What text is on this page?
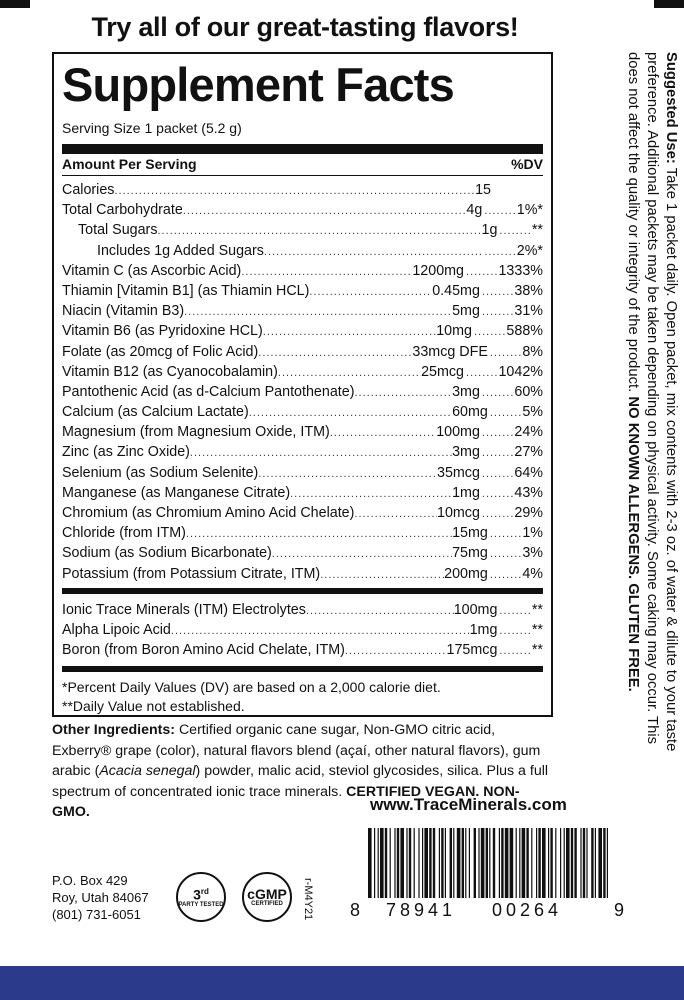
Try all of our great-tasting flavors!
Supplement Facts
Serving Size 1 packet (5.2 g)
Amount Per Serving	%DV
Calories .....	15
Total Carbohydrate .....	4g	........ 1%*
Total Sugars .....	1g	........ **
Includes 1g Added Sugars .....	........ 2%*
Vitamin C (as Ascorbic Acid) .....	1200mg	........ 1333%
Thiamin [Vitamin B1] (as Thiamin HCL) .....	0.45mg	........ 38%
Niacin (Vitamin B3) .....	5mg	........ 31%
Vitamin B6 (as Pyridoxine HCL) .....	10mg	........ 588%
Folate (as 20mcg of Folic Acid) .....	33mcg DFE	........ 8%
Vitamin B12 (as Cyanocobalamin) .....	25mcg	........ 1042%
Pantothenic Acid (as d-Calcium Pantothenate) .....	3mg	........ 60%
Calcium (as Calcium Lactate) .....	60mg	........ 5%
Magnesium (from Magnesium Oxide, ITM) .....	100mg	........ 24%
Zinc (as Zinc Oxide) .....	3mg	........ 27%
Selenium (as Sodium Selenite) .....	35mcg	........ 64%
Manganese (as Manganese Citrate) .....	1mg	........ 43%
Chromium (as Chromium Amino Acid Chelate) .....	10mcg	........ 29%
Chloride (from ITM) .....	15mg	........ 1%
Sodium (as Sodium Bicarbonate) .....	75mg	........ 3%
Potassium (from Potassium Citrate, ITM) .....	200mg	........ 4%
Ionic Trace Minerals (ITM) Electrolytes .....	100mg	........ **
Alpha Lipoic Acid .....	1mg	........ **
Boron (from Boron Amino Acid Chelate, ITM) .....	175mcg	........ **
*Percent Daily Values (DV) are based on a 2,000 calorie diet.
**Daily Value not established.

Other Ingredients: Certified organic cane sugar, Non-GMO citric acid, Exberry® grape (color), natural flavors blend (açaí, other natural flavors), gum arabic (Acacia senegal) powder, malic acid, steviol glycosides, silica. Plus a full spectrum of concentrated ionic trace minerals. CERTIFIED VEGAN. NON-GMO.	www.TraceMinerals.com
P.O. Box 429
Roy, Utah 84067
(801) 731-6051
3rd
PARTY TESTED
cGMP
CERTIFIED r-M4Y21 8 78941 00264	9
Suggested Use: Take 1 packet daily. Open packet, mix contents with 2-3 oz. of water & dilute to your taste preference. Additional packets may be taken depending on physical activity. Some caking may occur. This does not affect the quality or integrity of the product. NO KNOWN ALLERGENS. GLUTEN FREE.
